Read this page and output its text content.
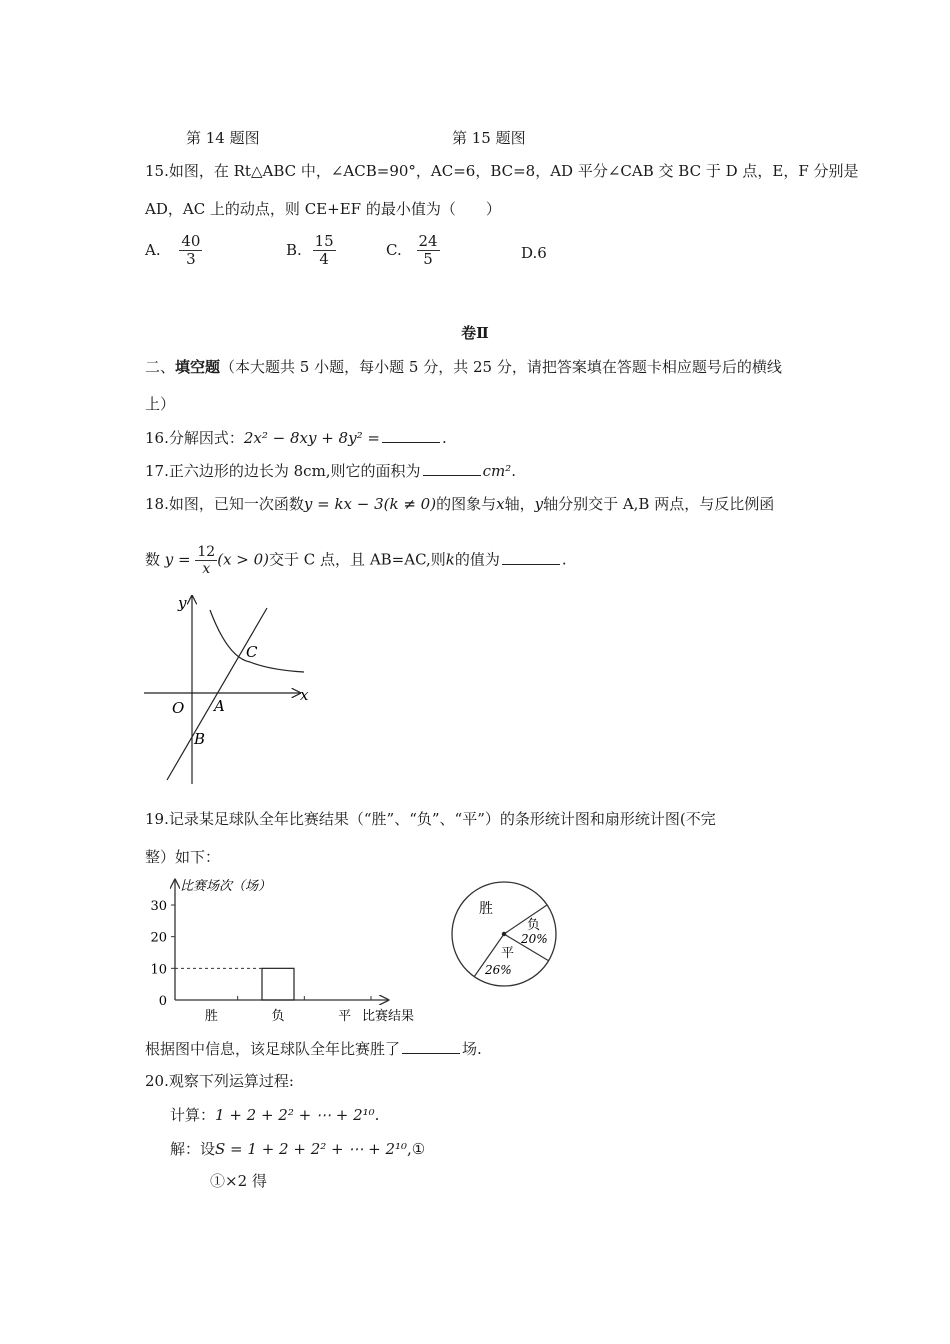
第 14 题图	第 15 题图
15.如图，在 Rt△ABC 中，∠ACB=90°，AC=6，BC=8，AD 平分∠CAB 交 BC 于 D 点，E，F 分别是
AD，AC 上的动点，则 CE+EF 的最小值为（　　）
A. $\frac{40}{3}$	B. $\frac{15}{4}$	C. $\frac{24}{5}$	D.6
卷Ⅱ
二、填空题（本大题共 5 小题，每小题 5 分，共 25 分，请把答案填在答题卡相应题号后的横线
上）
16.分解因式：2x² − 8xy + 8y² =	.
17.正六边形的边长为 8cm,则它的面积为	cm².
18.如图，已知一次函数y = kx − 3(k ≠ 0)的图象与x轴，y轴分别交于 A,B 两点，与反比例函
数 $y = \frac{12}{x} (x > 0)$交于 C 点，且 AB=AC,则k的值为	.
y
x
O A
B
C
19.记录某足球队全年比赛结果（“胜”、“负”、“平”）的条形统计图和扇形统计图(不完
整）如下：
比赛场次（场）
比赛结果
0
10
20
30
胜	负	平
胜
负
20%
平
26%
根据图中信息，该足球队全年比赛胜了	场.
20.观察下列运算过程:
计算：1 + 2 + 2² + ⋯ + 2¹⁰.
解：设S = 1 + 2 + 2² + ⋯ + 2¹⁰,①
①×2 得
